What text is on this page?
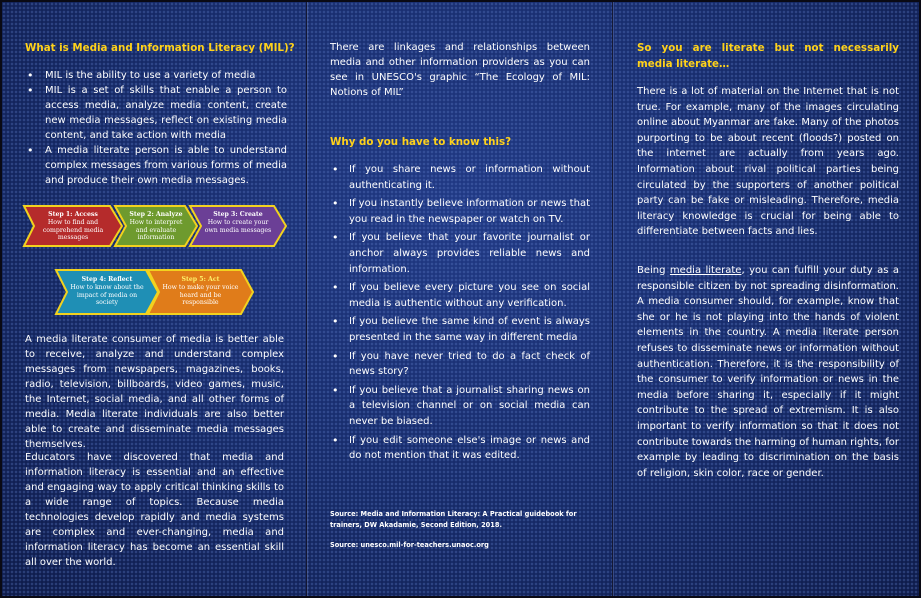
What is Media and Information Literacy (MIL)?
• MIL is the ability to use a variety of media
• MIL is a set of skills that enable a person to access media, analyze media content, create new media messages, reflect on existing media content, and take action with media
• A media literate person is able to understand complex messages from various forms of media and produce their own media messages.
Step 1: Access
How to find and comprehend media messages
Step 2: Analyze
How to interpret and evaluate information
Step 3: Create
How to create your own media messages
Step 4: Reflect
How to know about the impact of media on society
Step 5: Act
How to make your voice heard and be responsible

A media literate consumer of media is better able to receive, analyze and understand complex messages from newspapers, magazines, books, radio, television, billboards, video games, music, the Internet, social media, and all other forms of media. Media literate individuals are also better able to create and disseminate media messages themselves.

Educators have discovered that media and information literacy is essential and an effective and engaging way to apply critical thinking skills to a wide range of topics. Because media technologies develop rapidly and media systems are complex and ever-changing, media and information literacy has become an essential skill all over the world.

There are linkages and relationships between media and other information providers as you can see in UNESCO's graphic “The Ecology of MIL: Notions of MIL”

Why do you have to know this?
• If you share news or information without authenticating it.
• If you instantly believe information or news that you read in the newspaper or watch on TV.
• If you believe that your favorite journalist or anchor always provides reliable news and information.
• If you believe every picture you see on social media is authentic without any verification.
• If you believe the same kind of event is always presented in the same way in different media
• If you have never tried to do a fact check of news story?
• If you believe that a journalist sharing news on a television channel or on social media can never be biased.
• If you edit someone else's image or news and do not mention that it was edited.

Source: Media and Information Literacy: A Practical guidebook for trainers, DW Akadamie, Second Edition, 2018.

Source: unesco.mil-for-teachers.unaoc.org

So you are literate but not necessarily media literate…

There is a lot of material on the Internet that is not true. For example, many of the images circulating online about Myanmar are fake. Many of the photos purporting to be about recent (floods?) posted on the internet are actually from years ago. Information about rival political parties being circulated by the supporters of another political party can be fake or misleading. Therefore, media literacy knowledge is crucial for being able to differentiate between facts and lies.

Being media literate, you can fulfill your duty as a responsible citizen by not spreading disinformation. A media consumer should, for example, know that she or he is not playing into the hands of violent elements in the country. A media literate person refuses to disseminate news or information without authentication. Therefore, it is the responsibility of the consumer to verify information or news in the media before sharing it, especially if it might contribute to the spread of extremism. It is also important to verify information so that it does not contribute towards the harming of human rights, for example by leading to discrimination on the basis of religion, skin color, race or gender.
